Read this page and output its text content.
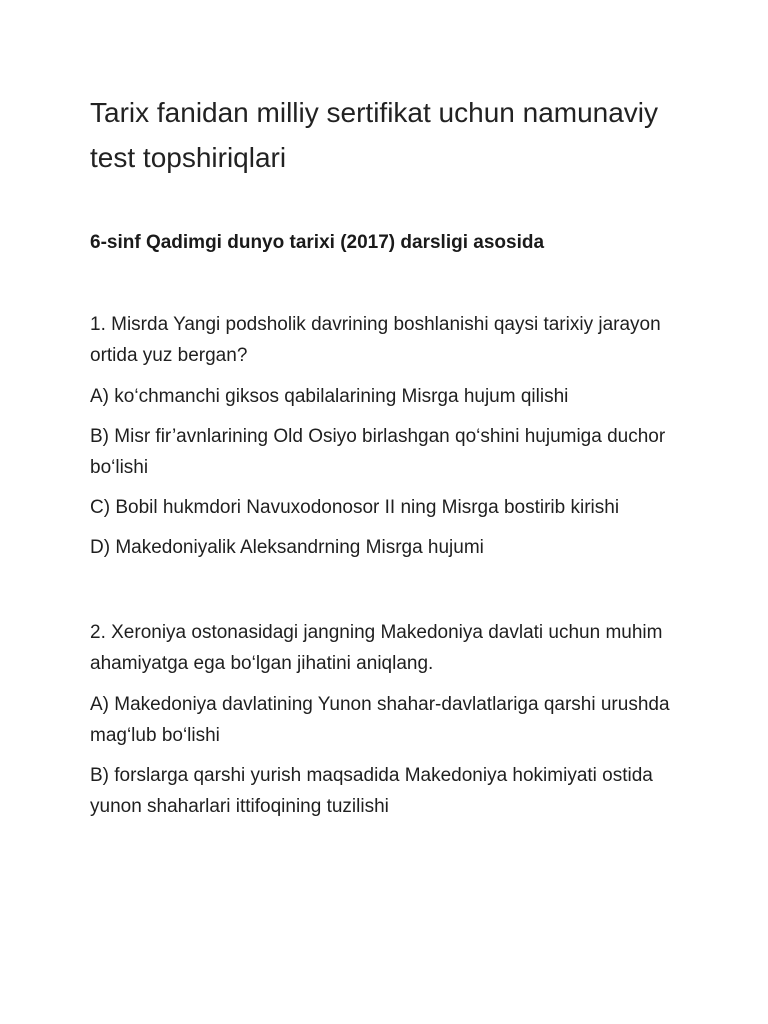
Tarix fanidan milliy sertifikat uchun namunaviy test topshiriqlari

6-sinf Qadimgi dunyo tarixi (2017) darsligi asosida

1. Misrda Yangi podsholik davrining boshlanishi qaysi tarixiy jarayon ortida yuz bergan?

A) ko‘chmanchi giksos qabilalarining Misrga hujum qilishi

B) Misr fir’avnlarining Old Osiyo birlashgan qo‘shini hujumiga duchor bo‘lishi

C) Bobil hukmdori Navuxodonosor II ning Misrga bostirib kirishi

D) Makedoniyalik Aleksandrning Misrga hujumi

2. Xeroniya ostonasidagi jangning Makedoniya davlati uchun muhim ahamiyatga ega bo‘lgan jihatini aniqlang.

A) Makedoniya davlatining Yunon shahar-davlatlariga qarshi urushda mag‘lub bo‘lishi

B) forslarga qarshi yurish maqsadida Makedoniya hokimiyati ostida yunon shaharlari ittifoqining tuzilishi
